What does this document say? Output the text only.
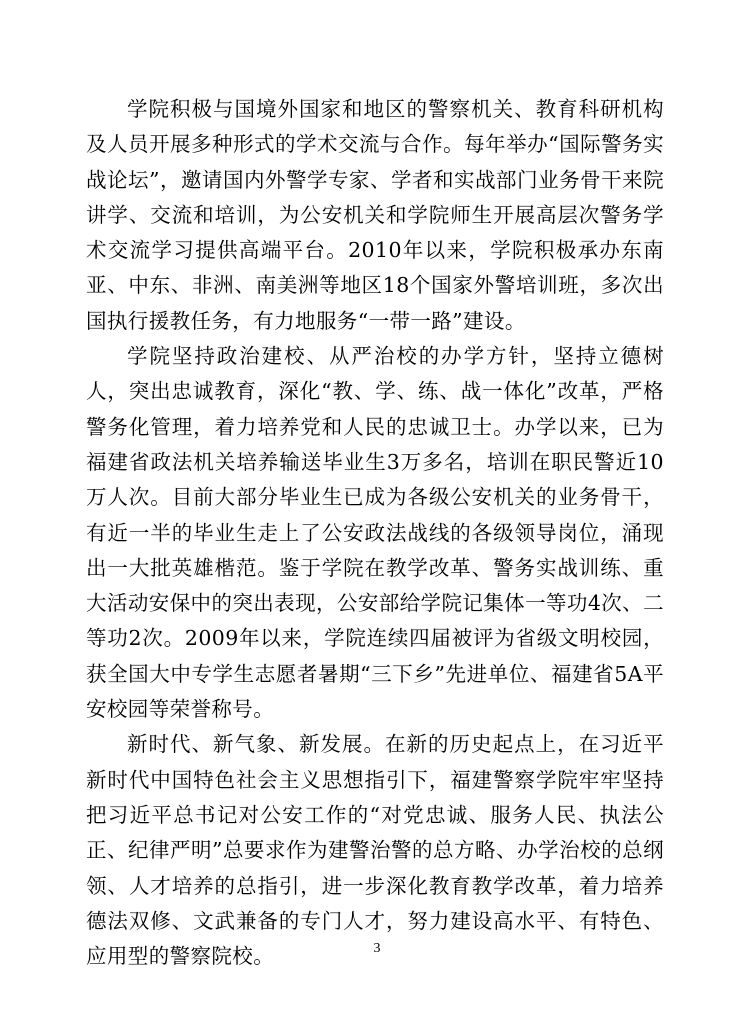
学院积极与国境外国家和地区的警察机关、教育科研机构及人员开展多种形式的学术交流与合作。每年举办“国际警务实战论坛”，邀请国内外警学专家、学者和实战部门业务骨干来院讲学、交流和培训，为公安机关和学院师生开展高层次警务学术交流学习提供高端平台。2010年以来，学院积极承办东南亚、中东、非洲、南美洲等地区18个国家外警培训班，多次出国执行援教任务，有力地服务“一带一路”建设。

学院坚持政治建校、从严治校的办学方针，坚持立德树人，突出忠诚教育，深化“教、学、练、战一体化”改革，严格警务化管理，着力培养党和人民的忠诚卫士。办学以来，已为福建省政法机关培养输送毕业生3万多名，培训在职民警近10万人次。目前大部分毕业生已成为各级公安机关的业务骨干，有近一半的毕业生走上了公安政法战线的各级领导岗位，涌现出一大批英雄楷范。鉴于学院在教学改革、警务实战训练、重大活动安保中的突出表现，公安部给学院记集体一等功4次、二等功2次。2009年以来，学院连续四届被评为省级文明校园，获全国大中专学生志愿者暑期“三下乡”先进单位、福建省5A平安校园等荣誉称号。

新时代、新气象、新发展。在新的历史起点上，在习近平新时代中国特色社会主义思想指引下，福建警察学院牢牢坚持把习近平总书记对公安工作的“对党忠诚、服务人民、执法公正、纪律严明”总要求作为建警治警的总方略、办学治校的总纲领、人才培养的总指引，进一步深化教育教学改革，着力培养德法双修、文武兼备的专门人才，努力建设高水平、有特色、应用型的警察院校。	3
